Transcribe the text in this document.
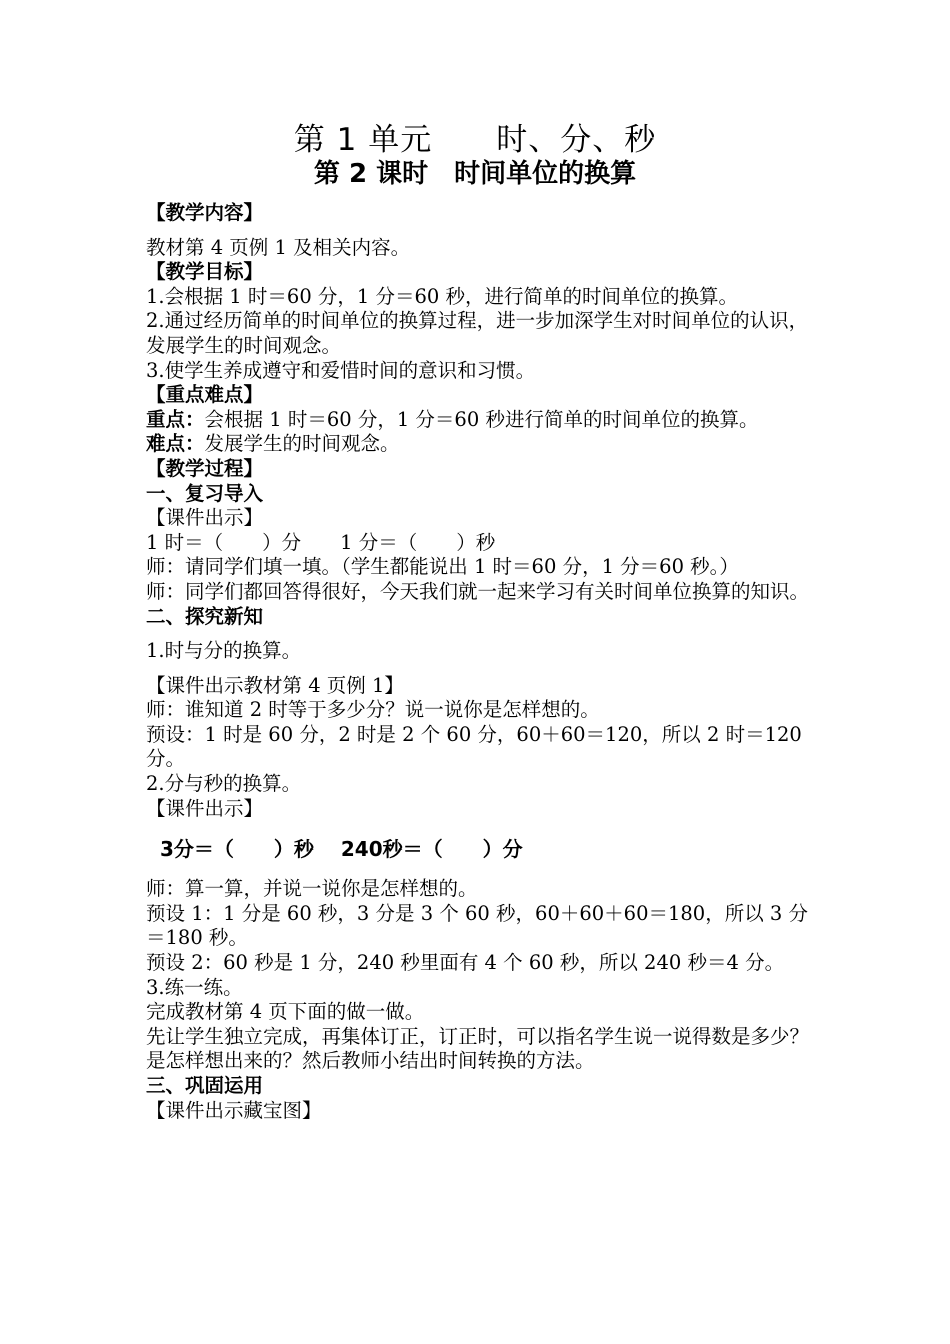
第 1 单元　　时、分、秒
第 2 课时　时间单位的换算

【教学内容】

教材第 4 页例 1 及相关内容。

【教学目标】

1.会根据 1 时＝60 分，1 分＝60 秒，进行简单的时间单位的换算。

2.通过经历简单的时间单位的换算过程，进一步加深学生对时间单位的认识，发展学生的时间观念。

3.使学生养成遵守和爱惜时间的意识和习惯。

【重点难点】

重点：会根据 1 时＝60 分，1 分＝60 秒进行简单的时间单位的换算。

难点：发展学生的时间观念。

【教学过程】

一、复习导入

【课件出示】

1 时＝（　　）分　　1 分＝（　　）秒

师：请同学们填一填。（学生都能说出 1 时＝60 分，1 分＝60 秒。）

师：同学们都回答得很好，今天我们就一起来学习有关时间单位换算的知识。

二、探究新知

1.时与分的换算。

【课件出示教材第 4 页例 1】

师：谁知道 2 时等于多少分？说一说你是怎样想的。

预设：1 时是 60 分，2 时是 2 个 60 分，60＋60＝120，所以 2 时＝120 分。

2.分与秒的换算。

【课件出示】

3分＝（　　）秒　 240秒＝（　　）分

师：算一算，并说一说你是怎样想的。

预设 1：1 分是 60 秒，3 分是 3 个 60 秒，60＋60＋60＝180，所以 3 分＝180 秒。

预设 2：60 秒是 1 分，240 秒里面有 4 个 60 秒，所以 240 秒＝4 分。

3.练一练。

完成教材第 4 页下面的做一做。

先让学生独立完成，再集体订正，订正时，可以指名学生说一说得数是多少？是怎样想出来的？然后教师小结出时间转换的方法。

三、巩固运用

【课件出示藏宝图】
